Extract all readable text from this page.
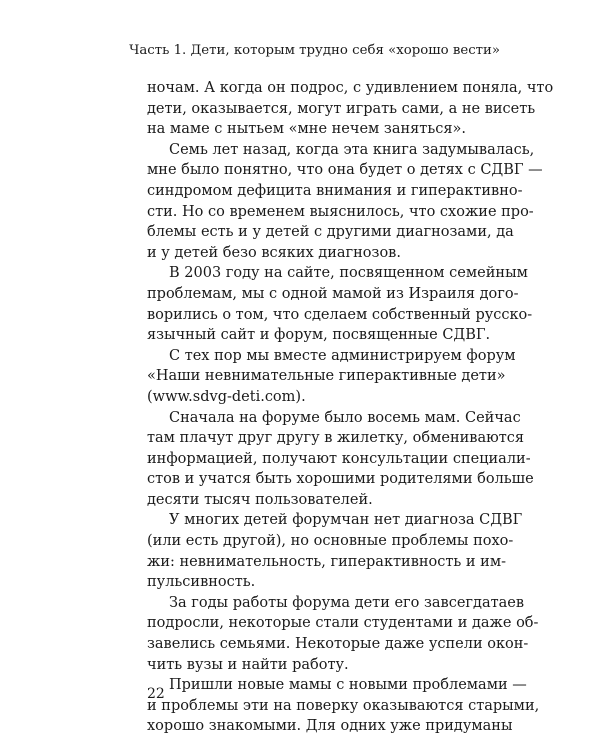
Часть 1. Дети, которым трудно себя «хорошо вести»

ночам. А когда он подрос, с удивлением поняла, что
дети, оказывается, могут играть сами, а не висеть
на маме с нытьем «мне нечем заняться».

Семь лет назад, когда эта книга задумывалась,
мне было понятно, что она будет о детях с СДВГ —
синдромом дефицита внимания и гиперактивно-
сти. Но со временем выяснилось, что схожие про-
блемы есть и у детей с другими диагнозами, да
и у детей безо всяких диагнозов.

В 2003 году на сайте, посвященном семейным
проблемам, мы с одной мамой из Израиля дого-
ворились о том, что сделаем собственный русско-
язычный сайт и форум, посвященные СДВГ.

С тех пор мы вместе администрируем форум
«Наши невнимательные гиперактивные дети»
(www.sdvg-deti.com).

Сначала на форуме было восемь мам. Сейчас
там плачут друг другу в жилетку, обмениваются
информацией, получают консультации специали-
стов и учатся быть хорошими родителями больше
десяти тысяч пользователей.

У многих детей форумчан нет диагноза СДВГ
(или есть другой), но основные проблемы похо-
жи: невнимательность, гиперактивность и им-
пульсивность.

За годы работы форума дети его завсегдатаев
подросли, некоторые стали студентами и даже об-
завелись семьями. Некоторые даже успели окон-
чить вузы и найти работу.

Пришли новые мамы с новыми проблемами —
и проблемы эти на поверку оказываются старыми,
хорошо знакомыми. Для одних уже придуманы

22
